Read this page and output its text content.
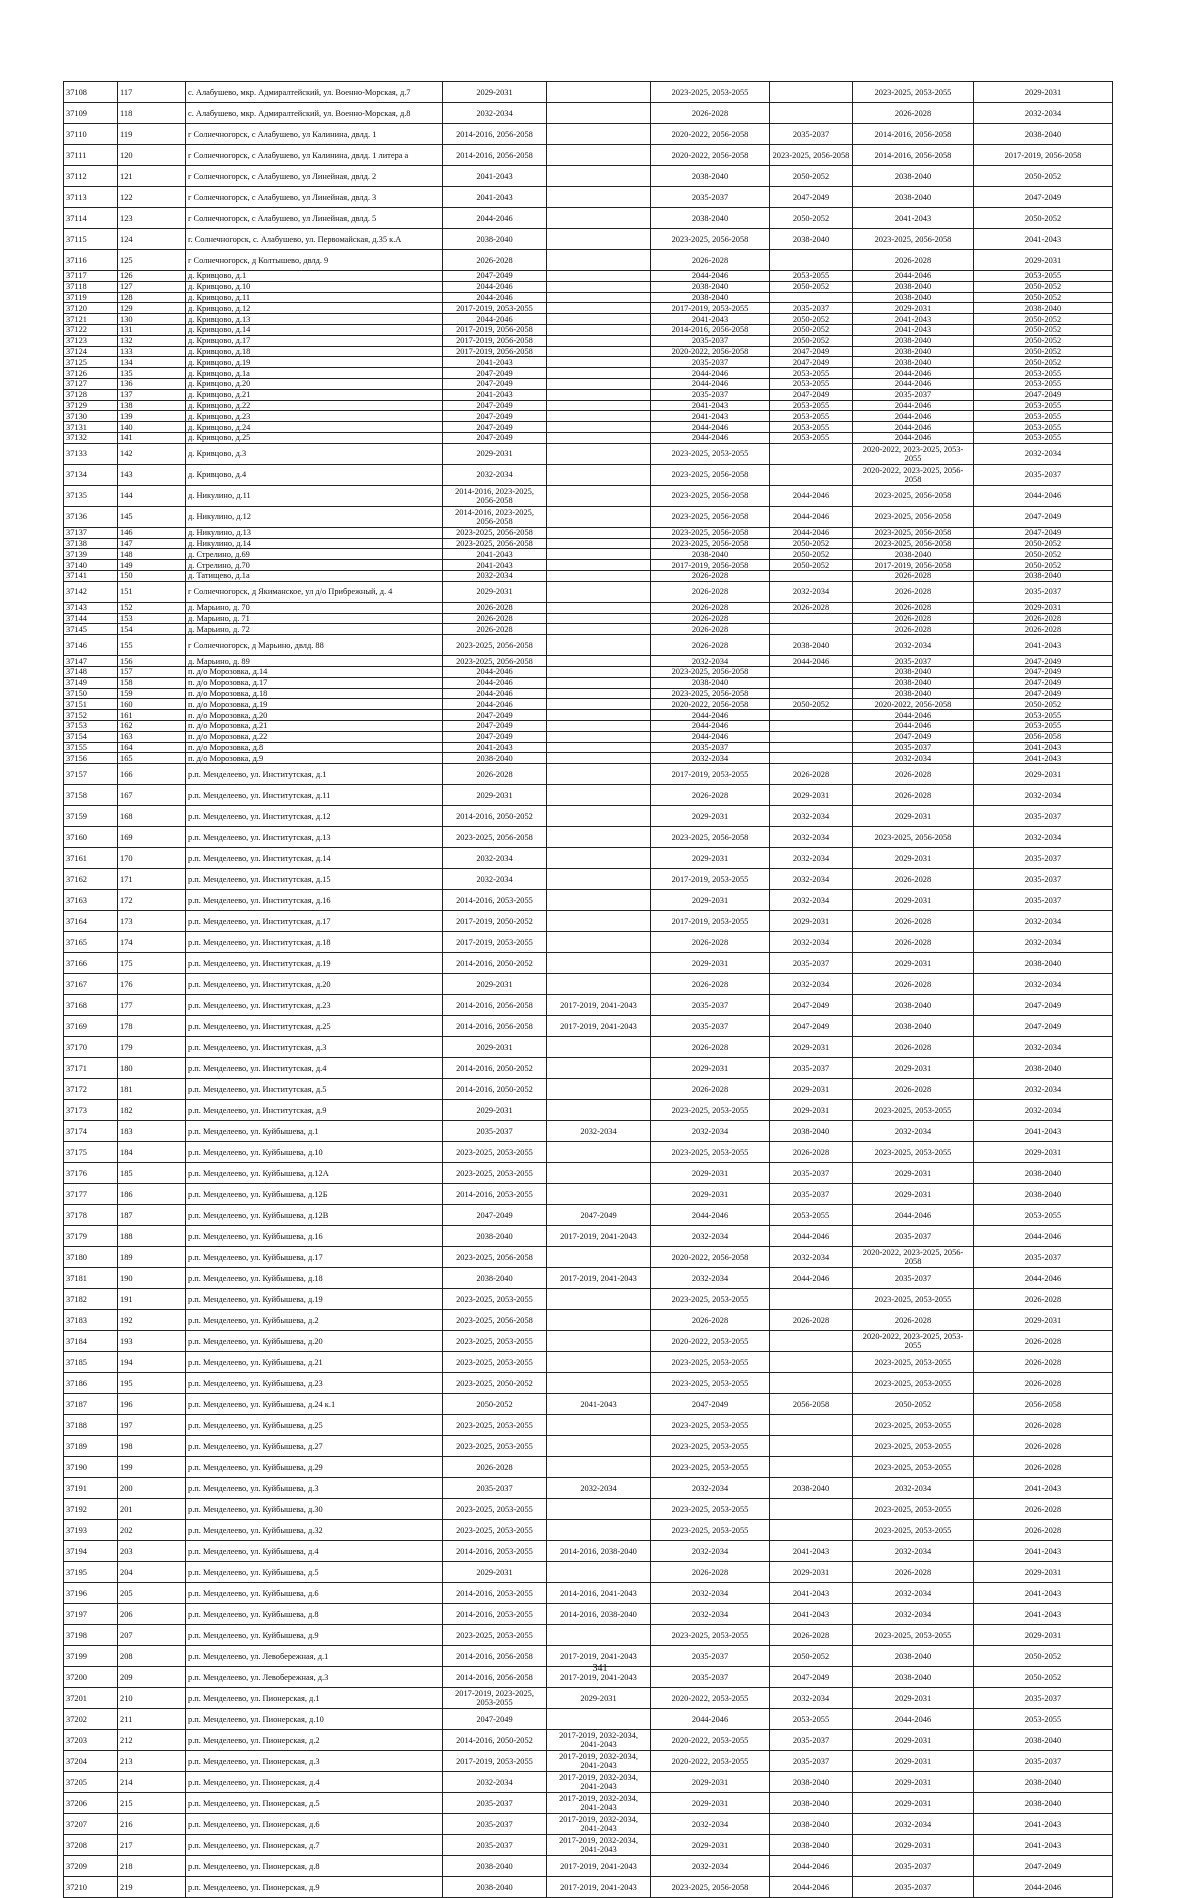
37108	117	с. Алабушево, мкр. Адмиралтейский, ул. Военно-Морская, д.7	2029-2031		2023-2025, 2053-2055		2023-2025, 2053-2055	2029-2031
37109	118	с. Алабушево, мкр. Адмиралтейский, ул. Военно-Морская, д.8	2032-2034		2026-2028		2026-2028	2032-2034
37110	119	г Солнечногорск, с Алабушево, ул Калинина, двлд. 1	2014-2016, 2056-2058		2020-2022, 2056-2058	2035-2037	2014-2016, 2056-2058	2038-2040
37111	120	г Солнечногорск, с Алабушево, ул Калинина, двлд. 1 литера а	2014-2016, 2056-2058		2020-2022, 2056-2058	2023-2025, 2056-2058	2014-2016, 2056-2058	2017-2019, 2056-2058
37112	121	г Солнечногорск, с Алабушево, ул Линейная, двлд. 2	2041-2043		2038-2040	2050-2052	2038-2040	2050-2052
37113	122	г Солнечногорск, с Алабушево, ул Линейная, двлд. 3	2041-2043		2035-2037	2047-2049	2038-2040	2047-2049
37114	123	г Солнечногорск, с Алабушево, ул Линейная, двлд. 5	2044-2046		2038-2040	2050-2052	2041-2043	2050-2052
37115	124	г. Солнечногорск, с. Алабушево, ул. Первомайская, д.35 к.А	2038-2040		2023-2025, 2056-2058	2038-2040	2023-2025, 2056-2058	2041-2043
37116	125	г Солнечногорск, д Колтышево, двлд. 9	2026-2028		2026-2028		2026-2028	2029-2031
37117	126	д. Кривцово, д.1	2047-2049		2044-2046	2053-2055	2044-2046	2053-2055
37118	127	д. Кривцово, д.10	2044-2046		2038-2040	2050-2052	2038-2040	2050-2052
37119	128	д. Кривцово, д.11	2044-2046		2038-2040		2038-2040	2050-2052
37120	129	д. Кривцово, д.12	2017-2019, 2053-2055		2017-2019, 2053-2055	2035-2037	2029-2031	2038-2040
37121	130	д. Кривцово, д.13	2044-2046		2041-2043	2050-2052	2041-2043	2050-2052
37122	131	д. Кривцово, д.14	2017-2019, 2056-2058		2014-2016, 2056-2058	2050-2052	2041-2043	2050-2052
37123	132	д. Кривцово, д.17	2017-2019, 2056-2058		2035-2037	2050-2052	2038-2040	2050-2052
37124	133	д. Кривцово, д.18	2017-2019, 2056-2058		2020-2022, 2056-2058	2047-2049	2038-2040	2050-2052
37125	134	д. Кривцово, д.19	2041-2043		2035-2037	2047-2049	2038-2040	2050-2052
37126	135	д. Кривцово, д.1а	2047-2049		2044-2046	2053-2055	2044-2046	2053-2055
37127	136	д. Кривцово, д.20	2047-2049		2044-2046	2053-2055	2044-2046	2053-2055
37128	137	д. Кривцово, д.21	2041-2043		2035-2037	2047-2049	2035-2037	2047-2049
37129	138	д. Кривцово, д.22	2047-2049		2041-2043	2053-2055	2044-2046	2053-2055
37130	139	д. Кривцово, д.23	2047-2049		2041-2043	2053-2055	2044-2046	2053-2055
37131	140	д. Кривцово, д.24	2047-2049		2044-2046	2053-2055	2044-2046	2053-2055
37132	141	д. Кривцово, д.25	2047-2049		2044-2046	2053-2055	2044-2046	2053-2055
37133	142	д. Кривцово, д.3	2029-2031		2023-2025, 2053-2055		2020-2022, 2023-2025, 2053-2055	2032-2034
37134	143	д. Кривцово, д.4	2032-2034		2023-2025, 2056-2058		2020-2022, 2023-2025, 2056-2058	2035-2037
37135	144	д. Никулино, д.11	2014-2016, 2023-2025, 2056-2058		2023-2025, 2056-2058	2044-2046	2023-2025, 2056-2058	2044-2046
37136	145	д. Никулино, д.12	2014-2016, 2023-2025, 2056-2058		2023-2025, 2056-2058	2044-2046	2023-2025, 2056-2058	2047-2049
37137	146	д. Никулино, д.13	2023-2025, 2056-2058		2023-2025, 2056-2058	2044-2046	2023-2025, 2056-2058	2047-2049
37138	147	д. Никулино, д.14	2023-2025, 2056-2058		2023-2025, 2056-2058	2050-2052	2023-2025, 2056-2058	2050-2052
37139	148	д. Стрелино, д.69	2041-2043		2038-2040	2050-2052	2038-2040	2050-2052
37140	149	д. Стрелино, д.70	2041-2043		2017-2019, 2056-2058	2050-2052	2017-2019, 2056-2058	2050-2052
37141	150	д. Татищево, д.1а	2032-2034		2026-2028		2026-2028	2038-2040
37142	151	г Солнечногорск, д Якиманское, ул д/о Прибрежный, д. 4	2029-2031		2026-2028	2032-2034	2026-2028	2035-2037
37143	152	д. Марьино, д. 70	2026-2028		2026-2028	2026-2028	2026-2028	2029-2031
37144	153	д. Марьино, д. 71	2026-2028		2026-2028		2026-2028	2026-2028
37145	154	д. Марьино, д. 72	2026-2028		2026-2028		2026-2028	2026-2028
37146	155	г Солнечногорск, д Марьино, двлд. 88	2023-2025, 2056-2058		2026-2028	2038-2040	2032-2034	2041-2043
37147	156	д. Марьино, д. 89	2023-2025, 2056-2058		2032-2034	2044-2046	2035-2037	2047-2049
37148	157	п. д/о Морозовка, д.14	2044-2046		2023-2025, 2056-2058		2038-2040	2047-2049
37149	158	п. д/о Морозовка, д.17	2044-2046		2038-2040		2038-2040	2047-2049
37150	159	п. д/о Морозовка, д.18	2044-2046		2023-2025, 2056-2058		2038-2040	2047-2049
37151	160	п. д/о Морозовка, д.19	2044-2046		2020-2022, 2056-2058	2050-2052	2020-2022, 2056-2058	2050-2052
37152	161	п. д/о Морозовка, д.20	2047-2049		2044-2046		2044-2046	2053-2055
37153	162	п. д/о Морозовка, д.21	2047-2049		2044-2046		2044-2046	2053-2055
37154	163	п. д/о Морозовка, д.22	2047-2049		2044-2046		2047-2049	2056-2058
37155	164	п. д/о Морозовка, д.8	2041-2043		2035-2037		2035-2037	2041-2043
37156	165	п. д/о Морозовка, д.9	2038-2040		2032-2034		2032-2034	2041-2043
37157	166	р.п. Менделеево, ул. Институтская, д.1	2026-2028		2017-2019, 2053-2055	2026-2028	2026-2028	2029-2031
37158	167	р.п. Менделеево, ул. Институтская, д.11	2029-2031		2026-2028	2029-2031	2026-2028	2032-2034
37159	168	р.п. Менделеево, ул. Институтская, д.12	2014-2016, 2050-2052		2029-2031	2032-2034	2029-2031	2035-2037
37160	169	р.п. Менделеево, ул. Институтская, д.13	2023-2025, 2056-2058		2023-2025, 2056-2058	2032-2034	2023-2025, 2056-2058	2032-2034
37161	170	р.п. Менделеево, ул. Институтская, д.14	2032-2034		2029-2031	2032-2034	2029-2031	2035-2037
37162	171	р.п. Менделеево, ул. Институтская, д.15	2032-2034		2017-2019, 2053-2055	2032-2034	2026-2028	2035-2037
37163	172	р.п. Менделеево, ул. Институтская, д.16	2014-2016, 2053-2055		2029-2031	2032-2034	2029-2031	2035-2037
37164	173	р.п. Менделеево, ул. Институтская, д.17	2017-2019, 2050-2052		2017-2019, 2053-2055	2029-2031	2026-2028	2032-2034
37165	174	р.п. Менделеево, ул. Институтская, д.18	2017-2019, 2053-2055		2026-2028	2032-2034	2026-2028	2032-2034
37166	175	р.п. Менделеево, ул. Институтская, д.19	2014-2016, 2050-2052		2029-2031	2035-2037	2029-2031	2038-2040
37167	176	р.п. Менделеево, ул. Институтская, д.20	2029-2031		2026-2028	2032-2034	2026-2028	2032-2034
37168	177	р.п. Менделеево, ул. Институтская, д.23	2014-2016, 2056-2058	2017-2019, 2041-2043	2035-2037	2047-2049	2038-2040	2047-2049
37169	178	р.п. Менделеево, ул. Институтская, д.25	2014-2016, 2056-2058	2017-2019, 2041-2043	2035-2037	2047-2049	2038-2040	2047-2049
37170	179	р.п. Менделеево, ул. Институтская, д.3	2029-2031		2026-2028	2029-2031	2026-2028	2032-2034
37171	180	р.п. Менделеево, ул. Институтская, д.4	2014-2016, 2050-2052		2029-2031	2035-2037	2029-2031	2038-2040
37172	181	р.п. Менделеево, ул. Институтская, д.5	2014-2016, 2050-2052		2026-2028	2029-2031	2026-2028	2032-2034
37173	182	р.п. Менделеево, ул. Институтская, д.9	2029-2031		2023-2025, 2053-2055	2029-2031	2023-2025, 2053-2055	2032-2034
37174	183	р.п. Менделеево, ул. Куйбышева, д.1	2035-2037	2032-2034	2032-2034	2038-2040	2032-2034	2041-2043
37175	184	р.п. Менделеево, ул. Куйбышева, д.10	2023-2025, 2053-2055		2023-2025, 2053-2055	2026-2028	2023-2025, 2053-2055	2029-2031
37176	185	р.п. Менделеево, ул. Куйбышева, д.12А	2023-2025, 2053-2055		2029-2031	2035-2037	2029-2031	2038-2040
37177	186	р.п. Менделеево, ул. Куйбышева, д.12Б	2014-2016, 2053-2055		2029-2031	2035-2037	2029-2031	2038-2040
37178	187	р.п. Менделеево, ул. Куйбышева, д.12В	2047-2049	2047-2049	2044-2046	2053-2055	2044-2046	2053-2055
37179	188	р.п. Менделеево, ул. Куйбышева, д.16	2038-2040	2017-2019, 2041-2043	2032-2034	2044-2046	2035-2037	2044-2046
37180	189	р.п. Менделеево, ул. Куйбышева, д.17	2023-2025, 2056-2058		2020-2022, 2056-2058	2032-2034	2020-2022, 2023-2025, 2056-2058	2035-2037
37181	190	р.п. Менделеево, ул. Куйбышева, д.18	2038-2040	2017-2019, 2041-2043	2032-2034	2044-2046	2035-2037	2044-2046
37182	191	р.п. Менделеево, ул. Куйбышева, д.19	2023-2025, 2053-2055		2023-2025, 2053-2055		2023-2025, 2053-2055	2026-2028
37183	192	р.п. Менделеево, ул. Куйбышева, д.2	2023-2025, 2056-2058		2026-2028	2026-2028	2026-2028	2029-2031
37184	193	р.п. Менделеево, ул. Куйбышева, д.20	2023-2025, 2053-2055		2020-2022, 2053-2055		2020-2022, 2023-2025, 2053-2055	2026-2028
37185	194	р.п. Менделеево, ул. Куйбышева, д.21	2023-2025, 2053-2055		2023-2025, 2053-2055		2023-2025, 2053-2055	2026-2028
37186	195	р.п. Менделеево, ул. Куйбышева, д.23	2023-2025, 2050-2052		2023-2025, 2053-2055		2023-2025, 2053-2055	2026-2028
37187	196	р.п. Менделеево, ул. Куйбышева, д.24 к.1	2050-2052	2041-2043	2047-2049	2056-2058	2050-2052	2056-2058
37188	197	р.п. Менделеево, ул. Куйбышева, д.25	2023-2025, 2053-2055		2023-2025, 2053-2055		2023-2025, 2053-2055	2026-2028
37189	198	р.п. Менделеево, ул. Куйбышева, д.27	2023-2025, 2053-2055		2023-2025, 2053-2055		2023-2025, 2053-2055	2026-2028
37190	199	р.п. Менделеево, ул. Куйбышева, д.29	2026-2028		2023-2025, 2053-2055		2023-2025, 2053-2055	2026-2028
37191	200	р.п. Менделеево, ул. Куйбышева, д.3	2035-2037	2032-2034	2032-2034	2038-2040	2032-2034	2041-2043
37192	201	р.п. Менделеево, ул. Куйбышева, д.30	2023-2025, 2053-2055		2023-2025, 2053-2055		2023-2025, 2053-2055	2026-2028
37193	202	р.п. Менделеево, ул. Куйбышева, д.32	2023-2025, 2053-2055		2023-2025, 2053-2055		2023-2025, 2053-2055	2026-2028
37194	203	р.п. Менделеево, ул. Куйбышева, д.4	2014-2016, 2053-2055	2014-2016, 2038-2040	2032-2034	2041-2043	2032-2034	2041-2043
37195	204	р.п. Менделеево, ул. Куйбышева, д.5	2029-2031		2026-2028	2029-2031	2026-2028	2029-2031
37196	205	р.п. Менделеево, ул. Куйбышева, д.6	2014-2016, 2053-2055	2014-2016, 2041-2043	2032-2034	2041-2043	2032-2034	2041-2043
37197	206	р.п. Менделеево, ул. Куйбышева, д.8	2014-2016, 2053-2055	2014-2016, 2038-2040	2032-2034	2041-2043	2032-2034	2041-2043
37198	207	р.п. Менделеево, ул. Куйбышева, д.9	2023-2025, 2053-2055		2023-2025, 2053-2055	2026-2028	2023-2025, 2053-2055	2029-2031
37199	208	р.п. Менделеево, ул. Левобережная, д.1	2014-2016, 2056-2058	2017-2019, 2041-2043	2035-2037	2050-2052	2038-2040	2050-2052
37200	209	р.п. Менделеево, ул. Левобережная, д.3	2014-2016, 2056-2058	2017-2019, 2041-2043	2035-2037	2047-2049	2038-2040	2050-2052
37201	210	р.п. Менделеево, ул. Пионерская, д.1	2017-2019, 2023-2025, 2053-2055	2029-2031	2020-2022, 2053-2055	2032-2034	2029-2031	2035-2037
37202	211	р.п. Менделеево, ул. Пионерская, д.10	2047-2049		2044-2046	2053-2055	2044-2046	2053-2055
37203	212	р.п. Менделеево, ул. Пионерская, д.2	2014-2016, 2050-2052	2017-2019, 2032-2034, 2041-2043	2020-2022, 2053-2055	2035-2037	2029-2031	2038-2040
37204	213	р.п. Менделеево, ул. Пионерская, д.3	2017-2019, 2053-2055	2017-2019, 2032-2034, 2041-2043	2020-2022, 2053-2055	2035-2037	2029-2031	2035-2037
37205	214	р.п. Менделеево, ул. Пионерская, д.4	2032-2034	2017-2019, 2032-2034, 2041-2043	2029-2031	2038-2040	2029-2031	2038-2040
37206	215	р.п. Менделеево, ул. Пионерская, д.5	2035-2037	2017-2019, 2032-2034, 2041-2043	2029-2031	2038-2040	2029-2031	2038-2040
37207	216	р.п. Менделеево, ул. Пионерская, д.6	2035-2037	2017-2019, 2032-2034, 2041-2043	2032-2034	2038-2040	2032-2034	2041-2043
37208	217	р.п. Менделеево, ул. Пионерская, д.7	2035-2037	2017-2019, 2032-2034, 2041-2043	2029-2031	2038-2040	2029-2031	2041-2043
37209	218	р.п. Менделеево, ул. Пионерская, д.8	2038-2040	2017-2019, 2041-2043	2032-2034	2044-2046	2035-2037	2047-2049
37210	219	р.п. Менделеево, ул. Пионерская, д.9	2038-2040	2017-2019, 2041-2043	2023-2025, 2056-2058	2044-2046	2035-2037	2044-2046
341
